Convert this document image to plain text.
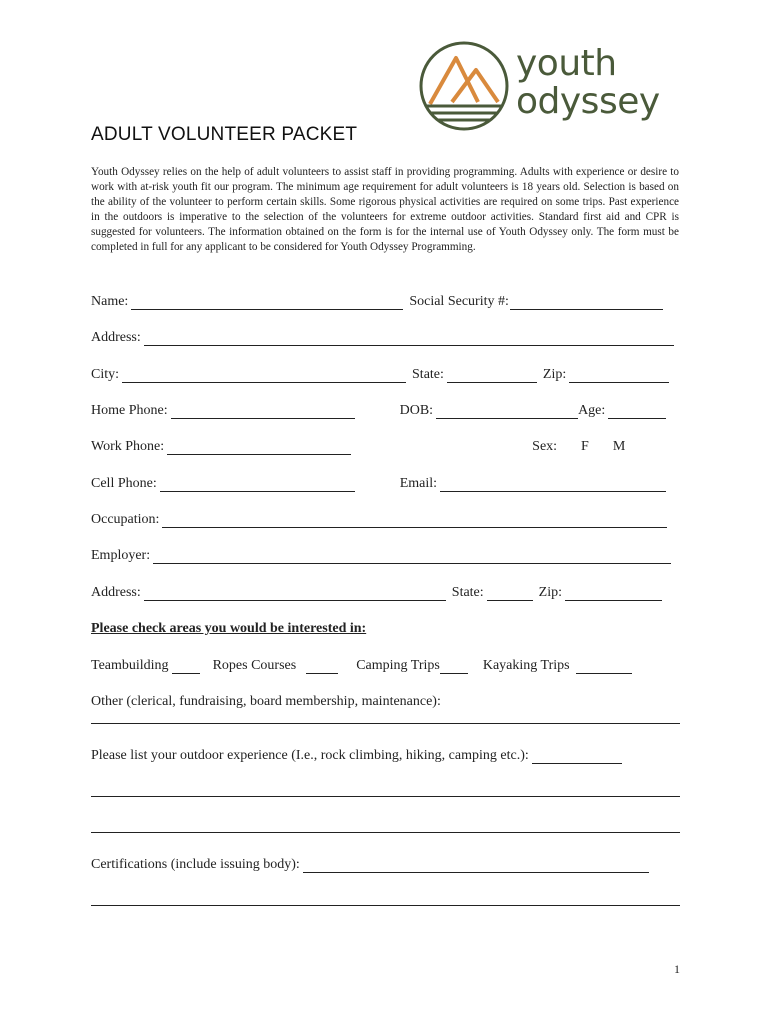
youth
odyssey
ADULT VOLUNTEER PACKET
Youth Odyssey relies on the help of adult volunteers to assist staff in providing programming. Adults with experience or desire to work with at-risk youth fit our program. The minimum age requirement for adult volunteers is 18 years old. Selection is based on the ability of the volunteer to perform certain skills. Some rigorous physical activities are required on some trips. Past experience in the outdoors is imperative to the selection of the volunteers for extreme outdoor activities. Standard first aid and CPR is suggested for volunteers. The information obtained on the form is for the internal use of Youth Odyssey only. The form must be completed in full for any applicant to be considered for Youth Odyssey Programming.
Name:	Social Security #:
Address:
City:	State:	Zip:
Home Phone:	DOB:	Age:
Work Phone:	Sex: F M
Cell Phone:	Email:
Occupation:
Employer:
Address:	State:	Zip:
Please check areas you would be interested in:
Teambuilding	Ropes Courses	Camping Trips	Kayaking Trips
Other (clerical, fundraising, board membership, maintenance):
Please list your outdoor experience (I.e., rock climbing, hiking, camping etc.):
Certifications (include issuing body):
1
